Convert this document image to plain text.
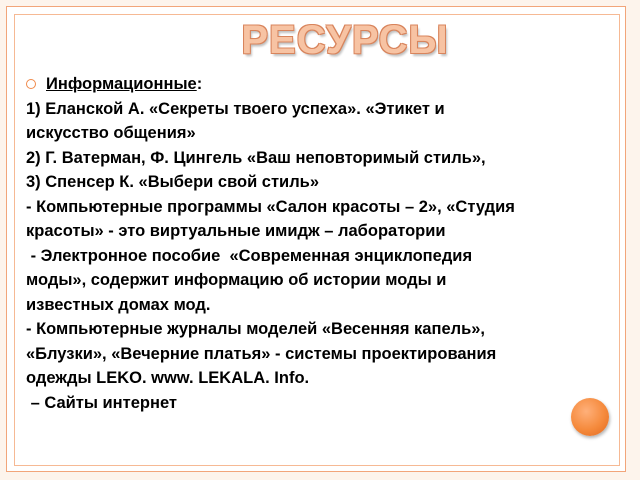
РЕСУРСЫ
Информационные:
1) Еланской А. «Секреты твоего успеха». «Этикет и
искусство общения»
2) Г. Ватерман, Ф. Цингель «Ваш неповторимый стиль»,
3) Спенсер К. «Выбери свой стиль»
- Компьютерные программы «Салон красоты – 2», «Студия
красоты» - это виртуальные имидж – лаборатории
- Электронное пособие  «Современная энциклопедия
моды», содержит информацию об истории моды и
известных домах мод.
- Компьютерные журналы моделей «Весенняя капель»,
«Блузки», «Вечерние платья» - системы проектирования
одежды LEKO. www. LEKALA. Info.
– Сайты интернет
